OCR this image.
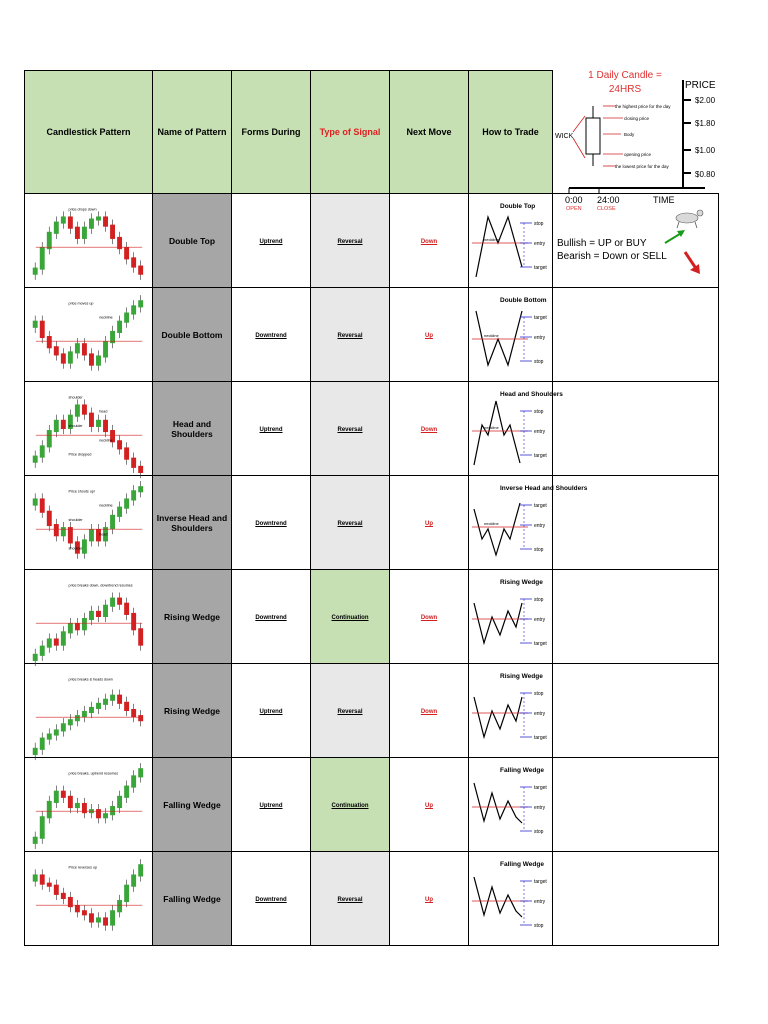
Candlestick Pattern	Name of Pattern	Forms During	Type of Signal	Next Move	How to Trade	

price drops down	Double Top	Uptrend	Reversal	Down	Double Top
neckline
stop
entry
target	

price moves up
neckline	Double Bottom	Downtrend	Reversal	Up	Double Bottom
neckline
target
entry
stop	

shoulder
head
shoulder
neckline
Price dropped	Head and Shoulders	Uptrend	Reversal	Down	Head and Shoulders
neckline
stop
entry
target	

Price shoots up!
neckline
shoulder
head
shoulder	Inverse Head and Shoulders	Downtrend	Reversal	Up	Inverse Head and Shoulders
neckline
target
entry
stop	

price breaks down, downtrend resumes	Rising Wedge	Downtrend	Continuation	Down	Rising Wedge
stop
entry
target	

price breaks & heads down	Rising Wedge	Uptrend	Reversal	Down	Rising Wedge
stop
entry
target	

price breaks, uptrend resumes	Falling Wedge	Uptrend	Continuation	Up	Falling Wedge
target
entry
stop	

Price reverses up	Falling Wedge	Downtrend	Reversal	Up	Falling Wedge
target
entry
stop	

1 Daily Candle =
24HRS	PRICE
$2.00
$1.80
$1.00
$0.80
WICK
the highest price for the day
closing price
Body
opening price
the lowest price for the day
0:00 24:00
OPEN	CLOSE
TIME
Bullish = UP or BUY
Bearish = Down or SELL
